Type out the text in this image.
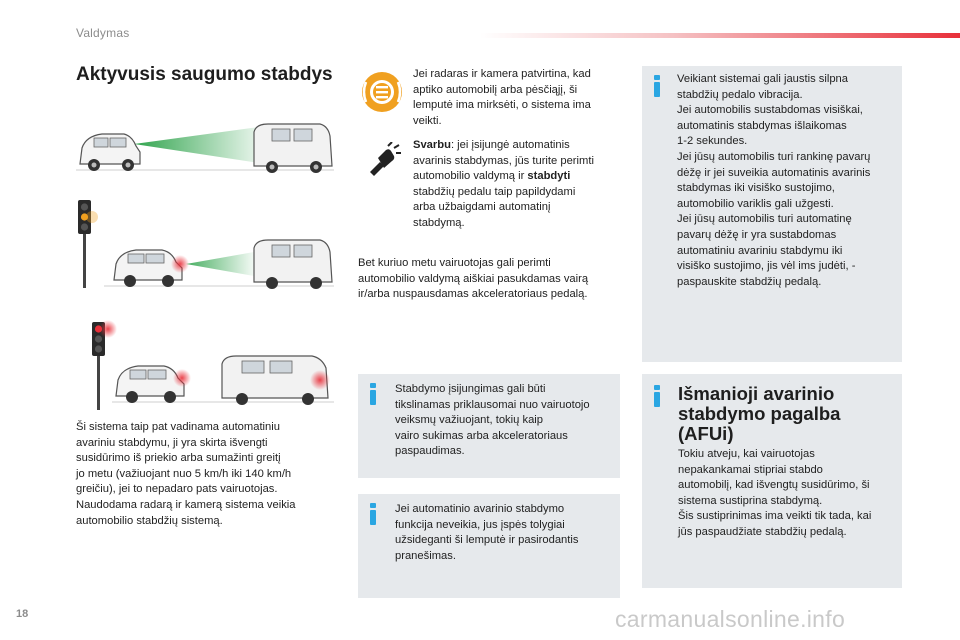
Valdymas
Aktyvusis saugumo stabdys

Ši sistema taip pat vadinama automatiniu
avariniu stabdymu, ji yra skirta išvengti
susidūrimo iš priekio arba sumažinti greitį
jo metu (važiuojant nuo 5 km/h iki 140 km/h
greičiu), jei to nepadaro pats vairuotojas.
Naudodama radarą ir kamerą sistema veikia
automobilio stabdžių sistemą.

Jei radaras ir kamera patvirtina, kad
aptiko automobilį arba pėsčiąjį, ši
lemputė ima mirksėti, o sistema ima
veikti.

Svarbu: jei įsijungė automatinis
avarinis stabdymas, jūs turite perimti
automobilio valdymą ir stabdyti
stabdžių pedalu taip papildydami
arba užbaigdami automatinį
stabdymą.

Bet kuriuo metu vairuotojas gali perimti
automobilio valdymą aiškiai pasukdamas vairą
ir/arba nuspausdamas akceleratoriaus pedalą.

Stabdymo įsijungimas gali būti
tikslinamas priklausomai nuo vairuotojo
veiksmų važiuojant, tokių kaip
vairo sukimas arba akceleratoriaus
paspaudimas.

Jei automatinio avarinio stabdymo
funkcija neveikia, jus įspės tolygiai
užsideganti ši lemputė ir pasirodantis
pranešimas.

Veikiant sistemai gali jaustis silpna
stabdžių pedalo vibracija.
Jei automobilis sustabdomas visiškai,
automatinis stabdymas išlaikomas
1-2 sekundes.
Jei jūsų automobilis turi rankinę pavarų
dėžę ir jei suveikia automatinis avarinis
stabdymas iki visiško sustojimo,
automobilio variklis gali užgesti.
Jei jūsų automobilis turi automatinę
pavarų dėžę ir yra sustabdomas
automatiniu avariniu stabdymu iki
visiško sustojimo, jis vėl ims judėti, -
paspauskite stabdžių pedalą.

Išmanioji avarinio
stabdymo pagalba
(AFUi)

Tokiu atveju, kai vairuotojas
nepakankamai stipriai stabdo
automobilį, kad išvengtų susidūrimo, ši
sistema sustiprina stabdymą.
Šis sustiprinimas ima veikti tik tada, kai
jūs paspaudžiate stabdžių pedalą.

18	carmanualsonline.info
